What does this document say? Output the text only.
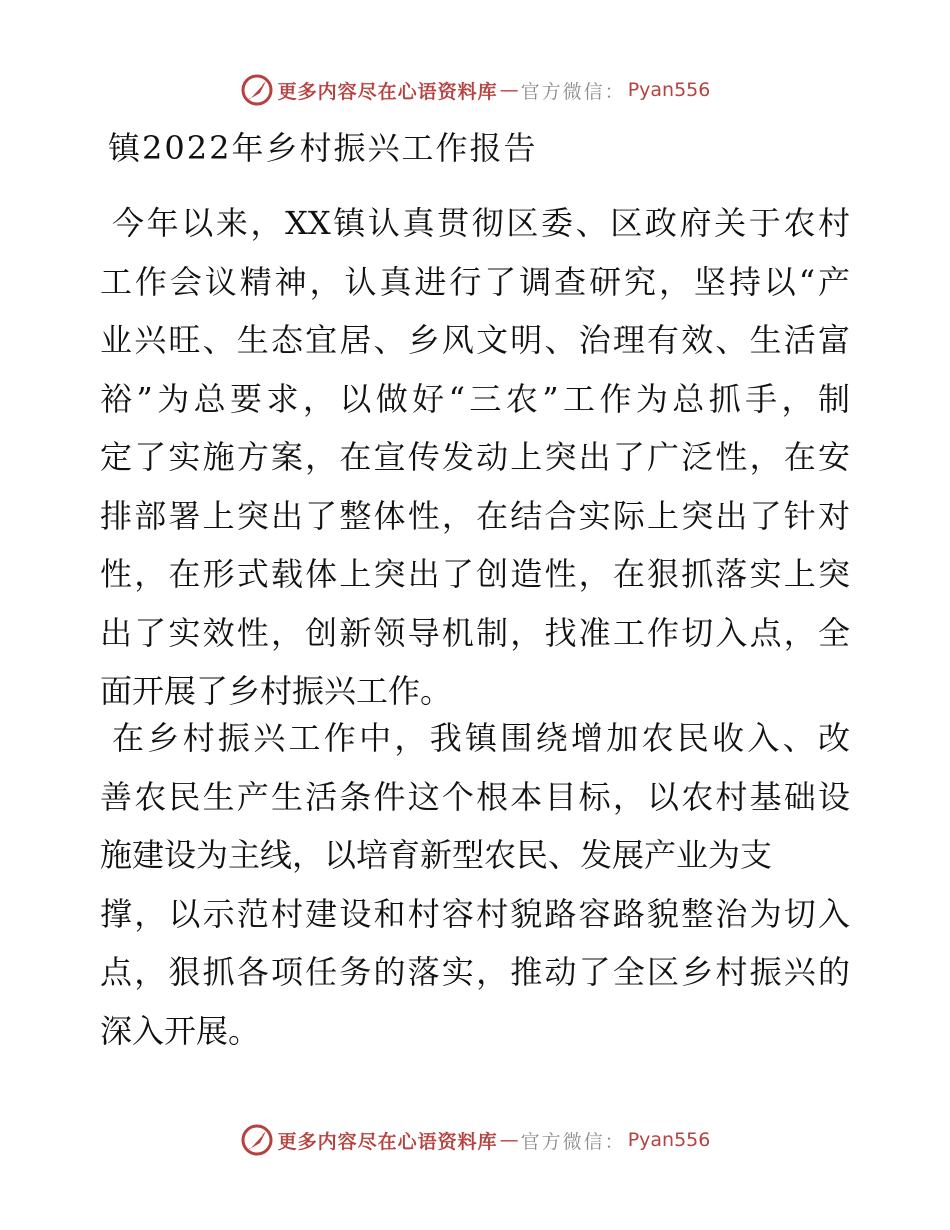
更多内容尽在心语资料库 — 官方微信： Pyan556
镇2022年乡村振兴工作报告

今年以来，XX镇认真贯彻区委、区政府关于农村
工作会议精神，认真进行了调查研究，坚持以“产
业兴旺、生态宜居、乡风文明、治理有效、生活富
裕”为总要求，以做好“三农”工作为总抓手，制
定了实施方案，在宣传发动上突出了广泛性，在安
排部署上突出了整体性，在结合实际上突出了针对
性，在形式载体上突出了创造性，在狠抓落实上突
出了实效性，创新领导机制，找准工作切入点，全
面开展了乡村振兴工作。

在乡村振兴工作中，我镇围绕增加农民收入、改
善农民生产生活条件这个根本目标，以农村基础设
施建设为主线，以培育新型农民、发展产业为支
撑，以示范村建设和村容村貌路容路貌整治为切入
点，狠抓各项任务的落实，推动了全区乡村振兴的
深入开展。

更多内容尽在心语资料库 — 官方微信： Pyan556
